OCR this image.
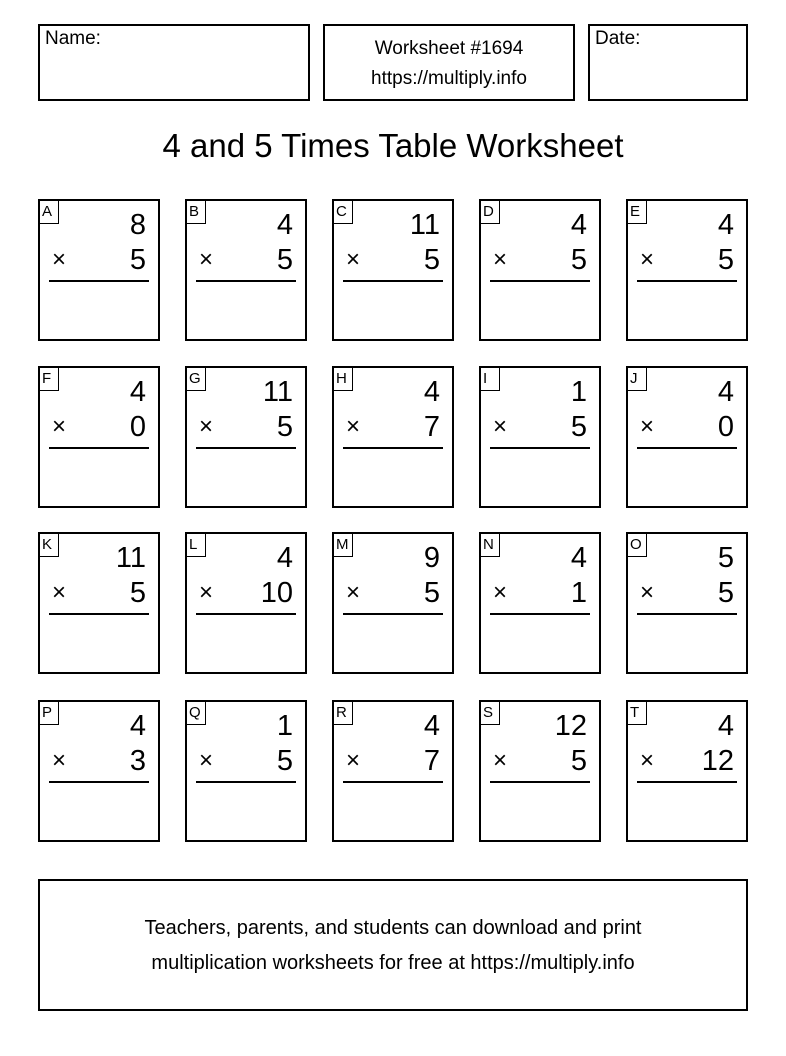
Name:	Worksheet #1694
https://multiply.info
Date:
4 and 5 Times Table Worksheet
A	8
× 5
B	4
× 5
C 11
× 5
D	4
× 5
E	4
× 5
F	4
× 0
G 11
× 5
H	4
× 7
I	1
× 5
J	4
× 0
K 11
× 5
L	4
× 10
M	9
× 5
N	4
× 1
O	5
× 5
P	4
× 3
Q	1
× 5
R	4
× 7
S 12
× 5
T	4
× 12
Teachers, parents, and students can download and print
multiplication worksheets for free at https://multiply.info
